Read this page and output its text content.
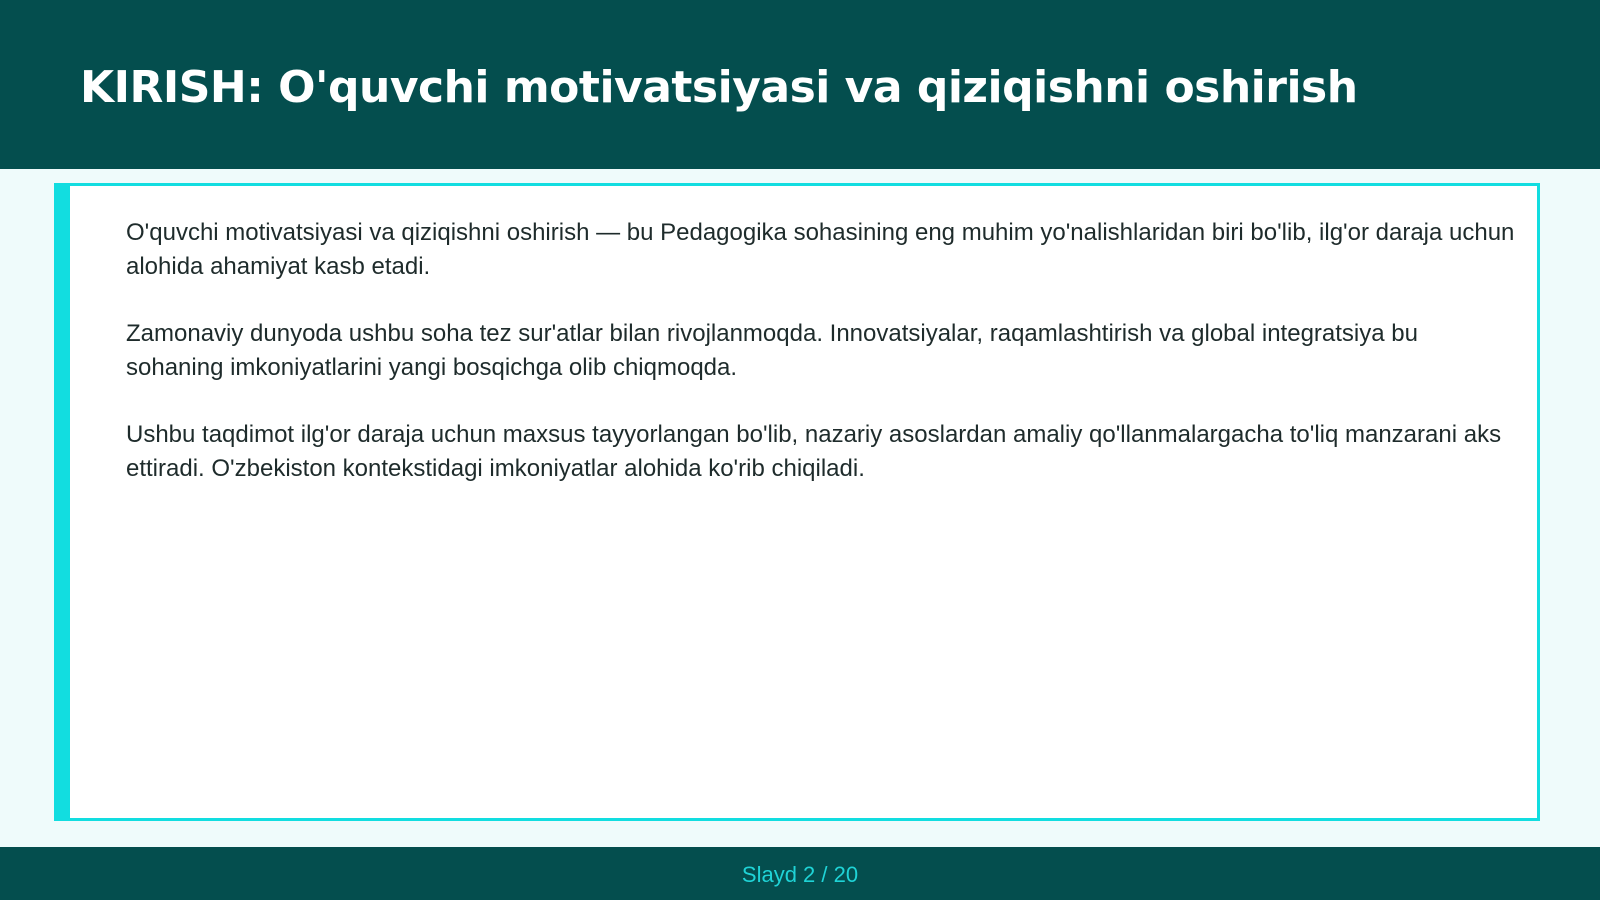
KIRISH: O'quvchi motivatsiyasi va qiziqishni oshirish

O'quvchi motivatsiyasi va qiziqishni oshirish — bu Pedagogika sohasining eng muhim yo'nalishlaridan biri bo'lib, ilg'or daraja uchun alohida ahamiyat kasb etadi.

Zamonaviy dunyoda ushbu soha tez sur'atlar bilan rivojlanmoqda. Innovatsiyalar, raqamlashtirish va global integratsiya bu sohaning imkoniyatlarini yangi bosqichga olib chiqmoqda.

Ushbu taqdimot ilg'or daraja uchun maxsus tayyorlangan bo'lib, nazariy asoslardan amaliy qo'llanmalargacha to'liq manzarani aks ettiradi. O'zbekiston kontekstidagi imkoniyatlar alohida ko'rib chiqiladi.

Slayd 2 / 20
